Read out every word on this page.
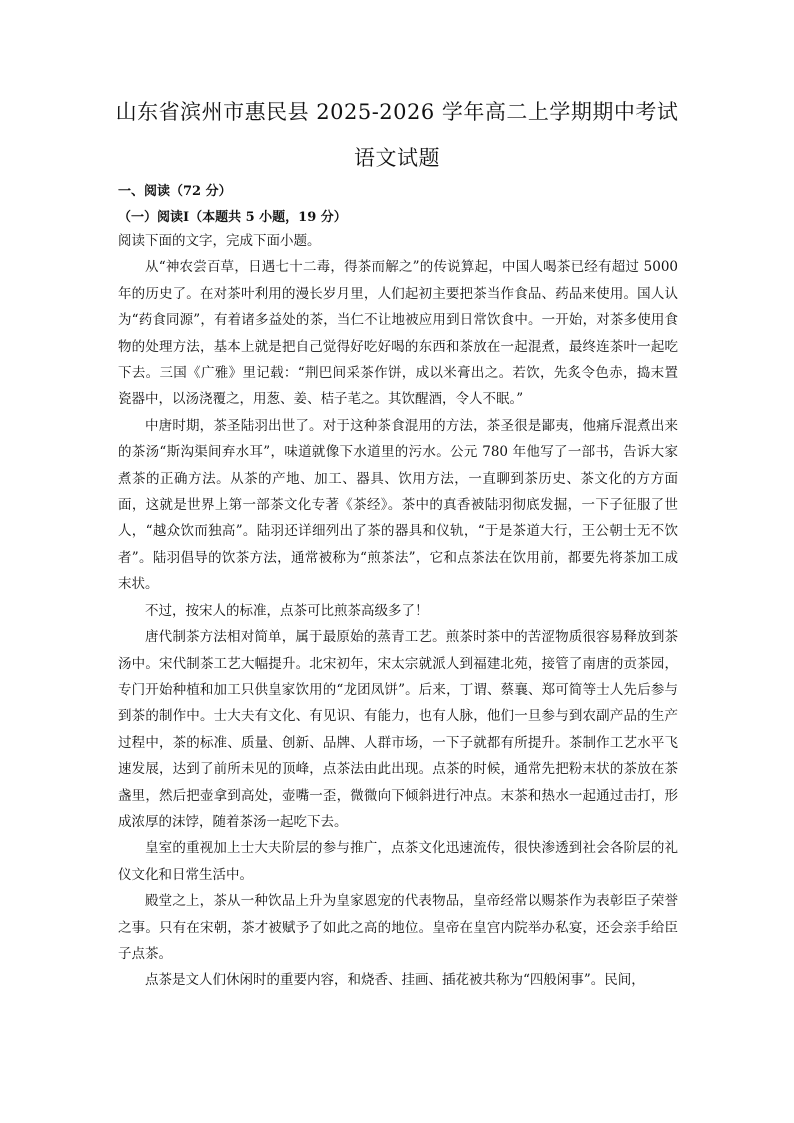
山东省滨州市惠民县 2025-2026 学年高二上学期期中考试
语文试题
一、阅读（72 分）
（一）阅读Ⅰ（本题共 5 小题，19 分）

阅读下面的文字，完成下面小题。

从“神农尝百草，日遇七十二毒，得茶而解之”的传说算起，中国人喝茶已经有超过 5000 年的历史了。在对茶叶利用的漫长岁月里，人们起初主要把茶当作食品、药品来使用。国人认为“药食同源”，有着诸多益处的茶，当仁不让地被应用到日常饮食中。一开始，对茶多使用食物的处理方法，基本上就是把自己觉得好吃好喝的东西和茶放在一起混煮，最终连茶叶一起吃下去。三国《广雅》里记载：“荆巴间采茶作饼，成以米膏出之。若饮，先炙令色赤，捣末置瓷器中，以汤浇覆之，用葱、姜、桔子芼之。其饮醒酒，令人不眠。”

中唐时期，茶圣陆羽出世了。对于这种茶食混用的方法，茶圣很是鄙夷，他痛斥混煮出来的茶汤“斯沟渠间弃水耳”，味道就像下水道里的污水。公元 780 年他写了一部书，告诉大家煮茶的正确方法。从茶的产地、加工、器具、饮用方法，一直聊到茶历史、茶文化的方方面面，这就是世界上第一部茶文化专著《茶经》。茶中的真香被陆羽彻底发掘，一下子征服了世人，“越众饮而独高”。陆羽还详细列出了茶的器具和仪轨，“于是茶道大行，王公朝士无不饮者”。陆羽倡导的饮茶方法，通常被称为“煎茶法”，它和点茶法在饮用前，都要先将茶加工成末状。

不过，按宋人的标准，点茶可比煎茶高级多了！

唐代制茶方法相对简单，属于最原始的蒸青工艺。煎茶时茶中的苦涩物质很容易释放到茶汤中。宋代制茶工艺大幅提升。北宋初年，宋太宗就派人到福建北苑，接管了南唐的贡茶园，专门开始种植和加工只供皇家饮用的“龙团凤饼”。后来，丁谓、蔡襄、郑可简等士人先后参与到茶的制作中。士大夫有文化、有见识、有能力，也有人脉，他们一旦参与到农副产品的生产过程中，茶的标准、质量、创新、品牌、人群市场，一下子就都有所提升。茶制作工艺水平飞速发展，达到了前所未见的顶峰，点茶法由此出现。点茶的时候，通常先把粉末状的茶放在茶盏里，然后把壶拿到高处，壶嘴一歪，微微向下倾斜进行冲点。末茶和热水一起通过击打，形成浓厚的沫饽，随着茶汤一起吃下去。

皇室的重视加上士大夫阶层的参与推广，点茶文化迅速流传，很快渗透到社会各阶层的礼仪文化和日常生活中。

殿堂之上，茶从一种饮品上升为皇家恩宠的代表物品，皇帝经常以赐茶作为表彰臣子荣誉之事。只有在宋朝，茶才被赋予了如此之高的地位。皇帝在皇宫内院举办私宴，还会亲手给臣子点茶。

点茶是文人们休闲时的重要内容，和烧香、挂画、插花被共称为“四般闲事”。民间，
